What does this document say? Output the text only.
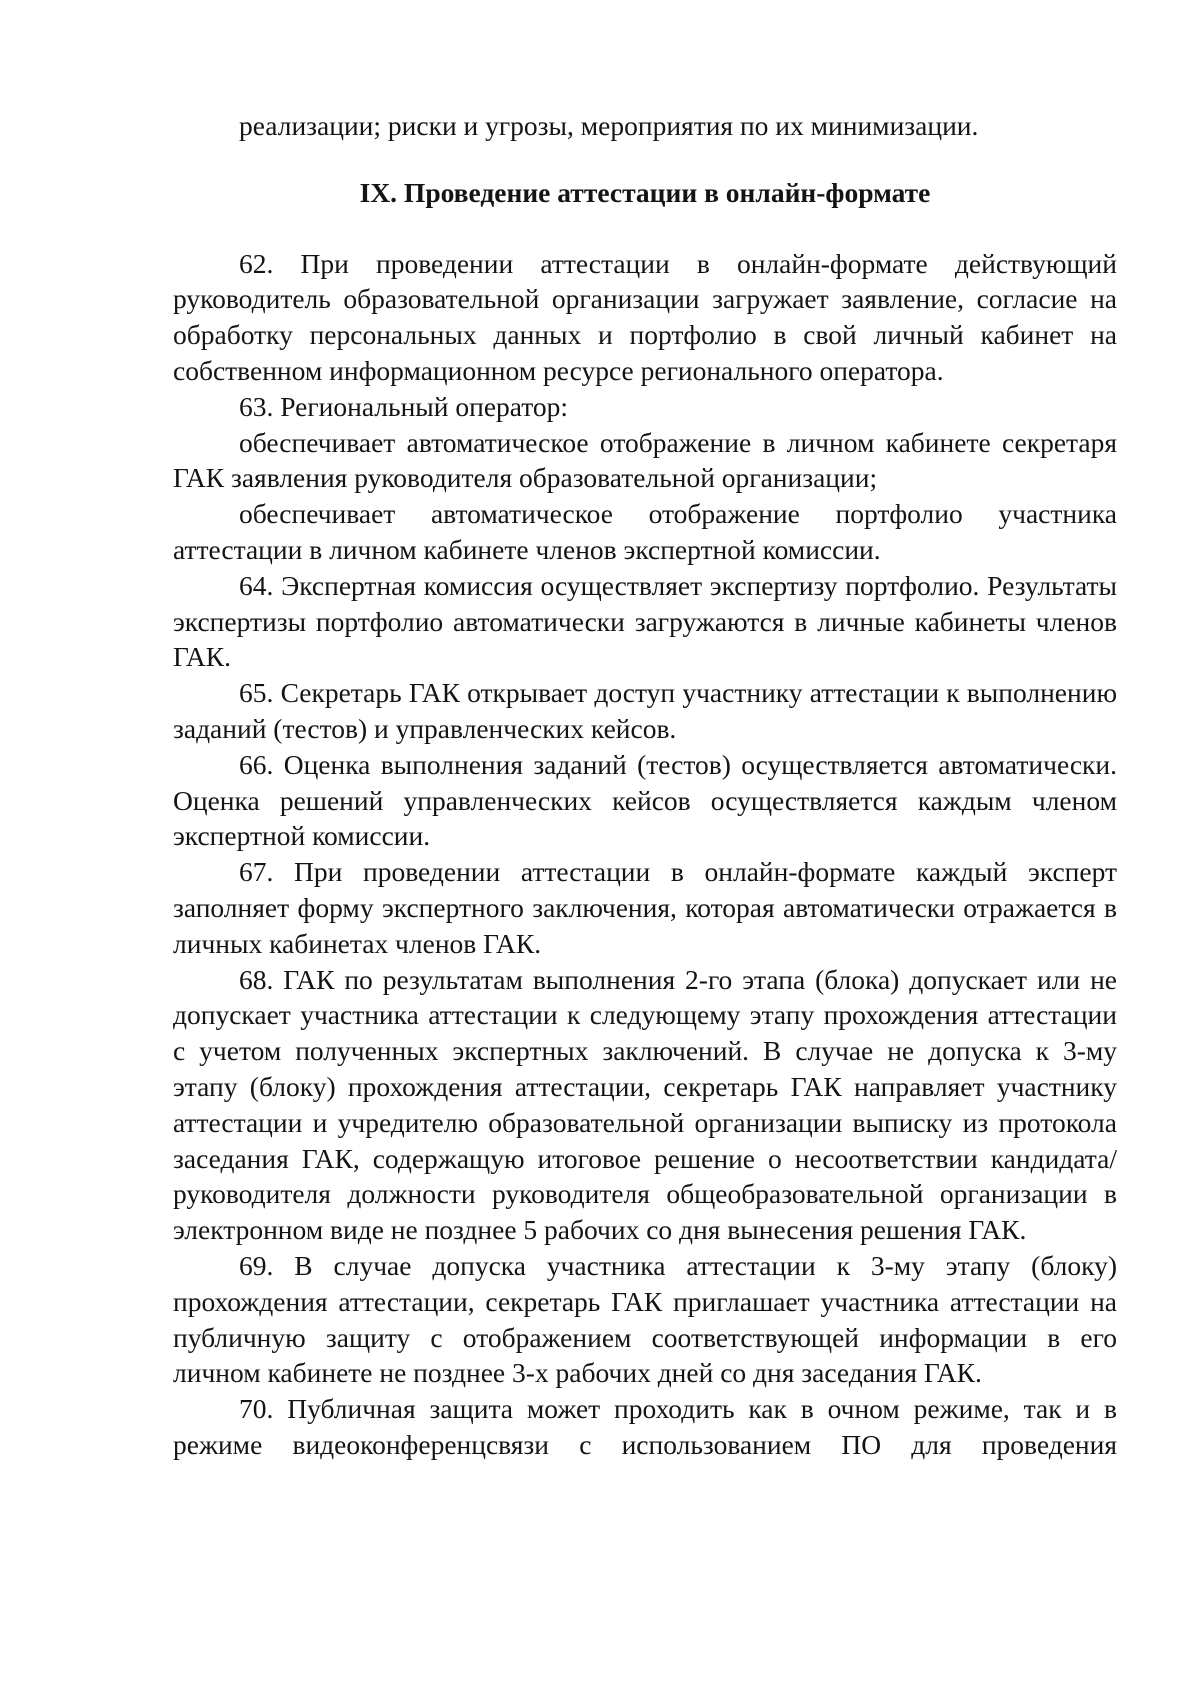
реализации; риски и угрозы, мероприятия по их минимизации.

IX. Проведение аттестации в онлайн-формате

62. При проведении аттестации в онлайн-формате действующий руководитель образовательной организации загружает заявление, согласие на обработку персональных данных и портфолио в свой личный кабинет на собственном информационном ресурсе регионального оператора.

63. Региональный оператор:

обеспечивает автоматическое отображение в личном кабинете секретаря ГАК заявления руководителя образовательной организации;

обеспечивает автоматическое отображение портфолио участника аттестации в личном кабинете членов экспертной комиссии.

64. Экспертная комиссия осуществляет экспертизу портфолио. Результаты экспертизы портфолио автоматически загружаются в личные кабинеты членов ГАК.

65. Секретарь ГАК открывает доступ участнику аттестации к выполнению заданий (тестов) и управленческих кейсов.

66. Оценка выполнения заданий (тестов) осуществляется автоматически. Оценка решений управленческих кейсов осуществляется каждым членом экспертной комиссии.

67. При проведении аттестации в онлайн-формате каждый эксперт заполняет форму экспертного заключения, которая автоматически отражается в личных кабинетах членов ГАК.

68. ГАК по результатам выполнения 2-го этапа (блока) допускает или не допускает участника аттестации к следующему этапу прохождения аттестации с учетом полученных экспертных заключений. В случае не допуска к 3-му этапу (блоку) прохождения аттестации, секретарь ГАК направляет участнику аттестации и учредителю образовательной организации выписку из протокола заседания ГАК, содержащую итоговое решение о несоответствии кандидата/руководителя должности руководителя общеобразовательной организации в электронном виде не позднее 5 рабочих со дня вынесения решения ГАК.

69. В случае допуска участника аттестации к 3-му этапу (блоку) прохождения аттестации, секретарь ГАК приглашает участника аттестации на публичную защиту с отображением соответствующей информации в его личном кабинете не позднее 3-х рабочих дней со дня заседания ГАК.

70. Публичная защита может проходить как в очном режиме, так и в режиме видеоконференцсвязи с использованием ПО для проведения
